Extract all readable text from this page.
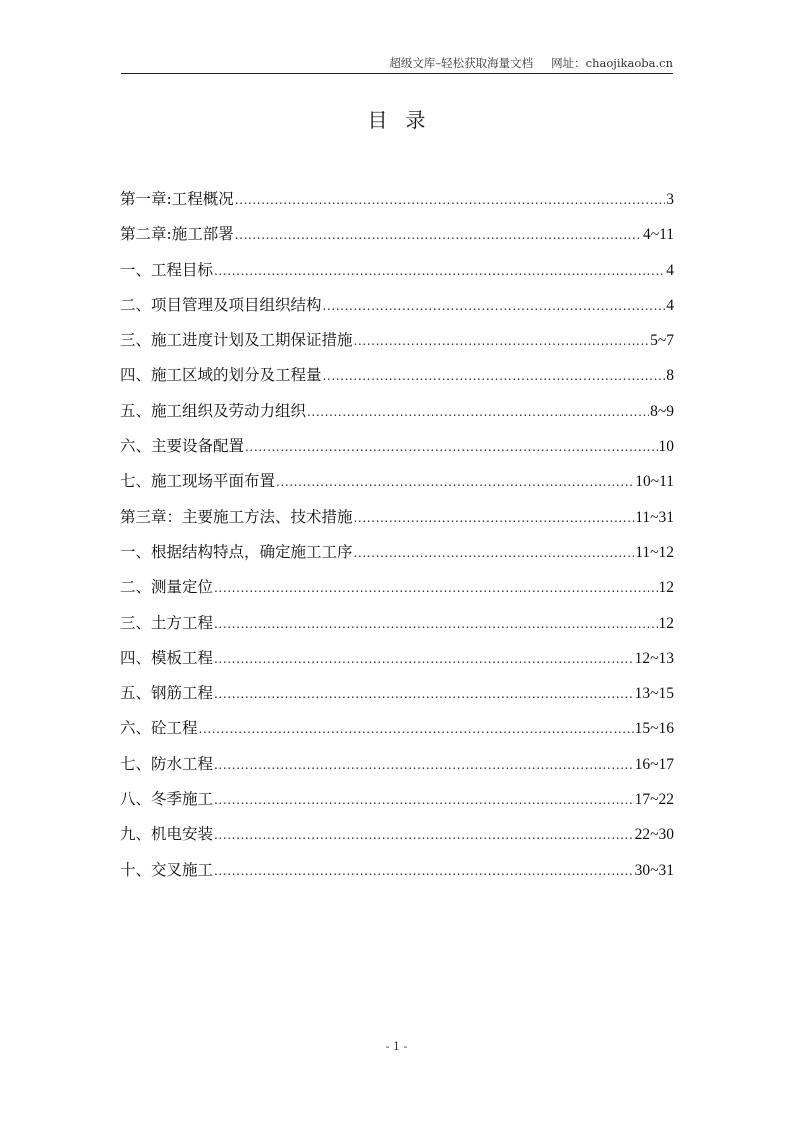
超级文库–轻松获取海量文档 网址：chaojikaoba.cn
目录
第一章:工程概况 .....	3
第二章:施工部署 .....	4~11
一、工程目标 .....	4
二、项目管理及项目组织结构 .....	4
三、施工进度计划及工期保证措施 .....	5~7
四、施工区域的划分及工程量 .....	8
五、施工组织及劳动力组织 .....	8~9
六、主要设备配置 .....	10
七、施工现场平面布置 .....	10~11
第三章：主要施工方法、技术措施 .....	11~31
一、根据结构特点，确定施工工序 .....	11~12
二、测量定位 .....	12
三、土方工程 .....	12
四、模板工程 .....	12~13
五、钢筋工程 .....	13~15
六、砼工程 .....	15~16
七、防水工程 .....	16~17
八、冬季施工 .....	17~22
九、机电安装 .....	22~30
十、交叉施工 .....	30~31
- 1 -
